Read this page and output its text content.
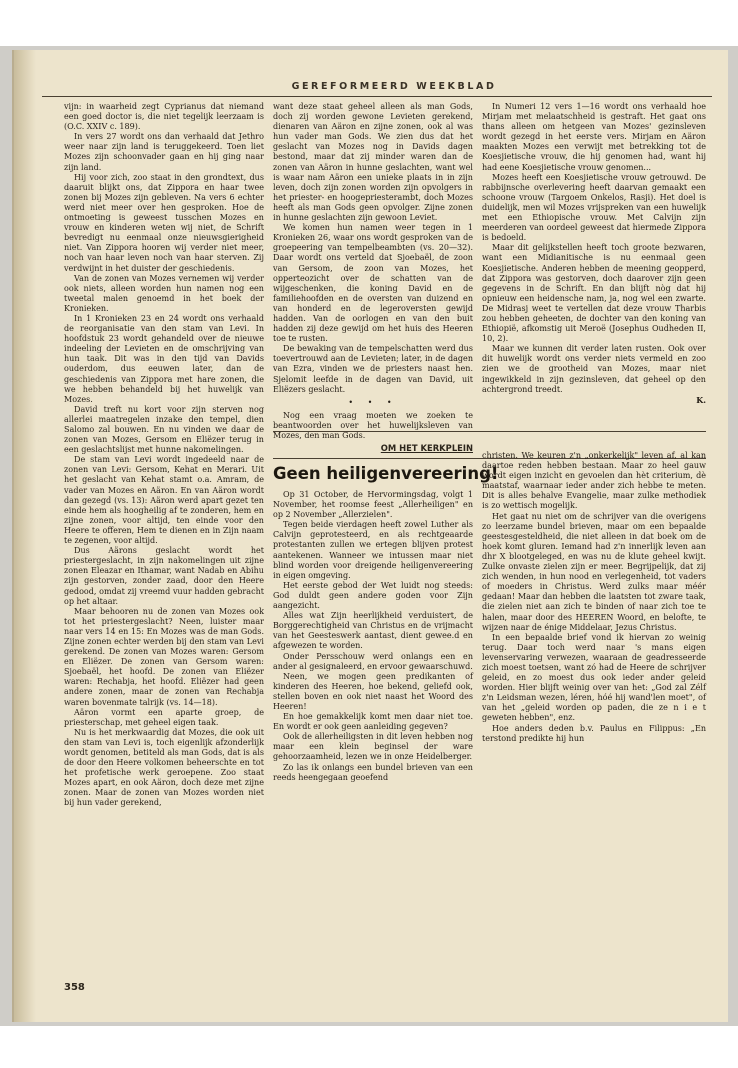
GEREFORMEERD WEEKBLAD

vijn: in waarheid zegt Cyprianus dat niemand een goed doctor is, die niet tegelijk leerzaam is (O.C. XXIV c. 189).

In vers 27 wordt ons dan verhaald dat Jethro weer naar zijn land is teruggekeerd. Toen liet Mozes zijn schoonvader gaan en hij ging naar zijn land.

Hij voor zich, zoo staat in den grondtext, dus daaruit blijkt ons, dat Zippora en haar twee zonen bij Mozes zijn gebleven. Na vers 6 echter werd niet meer over hen gesproken. Hoe de ontmoeting is geweest tusschen Mozes en vrouw en kinderen weten wij niet, de Schrift bevredigt nu eenmaal onze nieuwsgierigheid niet. Van Zippora hooren wij verder niet meer, noch van haar leven noch van haar sterven. Zij verdwijnt in het duister der geschiedenis.

Van de zonen van Mozes vernemen wij verder ook niets, alleen worden hun namen nog een tweetal malen genoemd in het boek der Kronieken.

In 1 Kronieken 23 en 24 wordt ons verhaald de reorganisatie van den stam van Levi. In hoofdstuk 23 wordt gehandeld over de nieuwe indeeling der Levieten en de omschrijving van hun taak. Dit was in den tijd van Davids ouderdom, dus eeuwen later, dan de geschiedenis van Zippora met hare zonen, die we hebben behandeld bij het huwelijk van Mozes.

David treft nu kort voor zijn sterven nog allerlei maatregelen inzake den tempel, dien Salomo zal bouwen. En nu vinden we daar de zonen van Mozes, Gersom en Eliëzer terug in een geslachtslijst met hunne nakomelingen.

De stam van Levi wordt ingedeeld naar de zonen van Levi: Gersom, Kehat en Merari. Uit het geslacht van Kehat stamt o.a. Amram, de vader van Mozes en Aäron. En van Aäron wordt dan gezegd (vs. 13): Aäron werd apart gezet ten einde hem als hoogheilig af te zonderen, hem en zijne zonen, voor altijd, ten einde voor den Heere te offeren, Hem te dienen en in Zijn naam te zegenen, voor altijd.

Dus Aärons geslacht wordt het priestergeslacht, in zijn nakomelingen uit zijne zonen Eleazar en Ithamar, want Nadab en Abihu zijn gestorven, zonder zaad, door den Heere gedood, omdat zij vreemd vuur hadden gebracht op het altaar.

Maar behooren nu de zonen van Mozes ook tot het priestergeslacht? Neen, luister maar naar vers 14 en 15: En Mozes was de man Gods. Zijne zonen echter werden bij den stam van Levi gerekend. De zonen van Mozes waren: Gersom en Eliëzer. De zonen van Gersom waren: Sjoebaël, het hoofd. De zonen van Eliëzer waren: Rechabja, het hoofd. Eliëzer had geen andere zonen, maar de zonen van Rechabja waren bovenmate talrijk (vs. 14—18).

Aäron vormt een aparte groep, de priesterschap, met geheel eigen taak.

Nu is het merkwaardig dat Mozes, die ook uit den stam van Levi is, toch eigenlijk afzonderlijk wordt genomen, betiteld als man Gods, dat is als de door den Heere volkomen beheerschte en tot het profetische werk geroepene. Zoo staat Mozes apart, en ook Aäron, doch deze met zijne zonen. Maar de zonen van Mozes worden niet bij hun vader gerekend,

want deze staat geheel alleen als man Gods, doch zij worden gewone Levieten gerekend, dienaren van Aäron en zijne zonen, ook al was hun vader man Gods. We zien dus dat het geslacht van Mozes nog in Davids dagen bestond, maar dat zij minder waren dan de zonen van Aäron in hunne geslachten, want wel is waar nam Aäron een unieke plaats in in zijn leven, doch zijn zonen worden zijn opvolgers in het priester- en hoogepriesterambt, doch Mozes heeft als man Gods geen opvolger. Zijne zonen in hunne geslachten zijn gewoon Leviet.

We komen hun namen weer tegen in 1 Kronieken 26, waar ons wordt gesproken van de groepeering van tempelbeambten (vs. 20—32). Daar wordt ons verteld dat Sjoebaël, de zoon van Gersom, de zoon van Mozes, het opperteozicht over de schatten van de wijgeschenken, die koning David en de familiehoofden en de oversten van duizend en van honderd en de legeroversten gewijd hadden. Van de oorlogen en van den buit hadden zij deze gewijd om het huis des Heeren toe te rusten.

De bewaking van de tempelschatten werd dus toevertrouwd aan de Levieten; later, in de dagen van Ezra, vinden we de priesters naast hen. Sjelomit leefde in de dagen van David, uit Eliëzers geslacht.

• • •

Nog een vraag moeten we zoeken te beantwoorden over het huwelijksleven van Mozes, den man Gods.

In Numeri 12 vers 1—16 wordt ons verhaald hoe Mirjam met melaatschheid is gestraft. Het gaat ons thans alleen om hetgeen van Mozes' gezinsleven wordt gezegd in het eerste vers. Mirjam en Aäron maakten Mozes een verwijt met betrekking tot de Koesjietische vrouw, die hij genomen had, want hij had eene Koesjietische vrouw genomen...

Mozes heeft een Koesjietische vrouw getrouwd. De rabbijnsche overlevering heeft daarvan gemaakt een schoone vrouw (Targoem Onkelos, Rasji). Het doel is duidelijk, men wil Mozes vrijspreken van een huwelijk met een Ethiopische vrouw. Met Calvijn zijn meerderen van oordeel geweest dat hiermede Zippora is bedoeld.

Maar dit gelijkstellen heeft toch groote bezwaren, want een Midianitische is nu eenmaal geen Koesjietische. Anderen hebben de meening geopperd, dat Zippora was gestorven, doch daarover zijn geen gegevens in de Schrift. En dan blijft nòg dat hij opnieuw een heidensche nam, ja, nog wel een zwarte. De Midrasj weet te vertellen dat deze vrouw Tharbis zou hebben geheeten, de dochter van den koning van Ethiopië, afkomstig uit Meroë (Josephus Oudheden II, 10, 2).

Maar we kunnen dit verder laten rusten. Ook over dit huwelijk wordt ons verder niets vermeld en zoo zien we de grootheid van Mozes, maar niet ingewikkeld in zijn gezinsleven, dat geheel op den achtergrond treedt.

K.

OM HET KERKPLEIN
Geen heiligenvereering!

Op 31 October, de Hervormingsdag, volgt 1 November, het roomse feest „Allerheiligen" en op 2 November „Allerzielen".

Tegen beide vierdagen heeft zowel Luther als Calvijn geprotesteerd, en als rechtgeaarde protestanten zullen we ertegen blijven protest aantekenen. Wanneer we intussen maar niet blind worden voor dreigende heiligenvereering in eigen omgeving.

Het eerste gebod der Wet luidt nog steeds: God duldt geen andere goden voor Zijn aangezicht.

Alles wat Zijn heerlijkheid verduistert, de Borggerechtigheid van Christus en de vrijmacht van het Geesteswerk aantast, dient gewee.d en afgewezen te worden.

Onder Persschouw werd onlangs een en ander al gesignaleerd, en ervoor gewaarschuwd.

Neen, we mogen geen predikanten of kinderen des Heeren, hoe bekend, geliefd ook, stellen boven en ook niet naast het Woord des Heeren!

En hoe gemakkelijk komt men daar niet toe. En wordt er ook geen aanleiding gegeven?

Ook de allerheiligsten in dit leven hebben nog maar een klein beginsel der ware gehoorzaamheid, lezen we in onze Heidelberger.

Zo las ik onlangs een bundel brieven van een reeds heengegaan geoefend

christen. We keuren z'n „onkerkelijk" leven af, al kan daartoe reden hebben bestaan. Maar zo heel gauw wordt eigen inzicht en gevoelen dan hèt criterium, dè maatstaf, waarnaar ieder ander zich hebbe te meten. Dit is alles behalve Evangelie, maar zulke methodiek is zo wettisch mogelijk.

Het gaat nu niet om de schrijver van die overigens zo leerzame bundel brieven, maar om een bepaalde geestesgesteldheid, die niet alleen in dat boek om de hoek komt gluren. Iemand had z'n innerlijk leven aan dhr X blootgeleged, en was nu de klute geheel kwijt. Zulke onvaste zielen zijn er meer. Begrijpelijk, dat zij zich wenden, in hun nood en verlegenheid, tot vaders of moeders in Christus. Werd zulks maar méér gedaan! Maar dan hebben die laatsten tot zware taak, die zielen niet aan zich te binden of naar zich toe te halen, maar door des HEEREN Woord, en belofte, te wijzen naar de énige Middelaar, Jezus Christus.

In een bepaalde brief vond ik hiervan zo weinig terug. Daar toch werd naar 's mans eigen levenservaring verwezen, waaraan de geadresseerde zich moest toetsen, want zó had de Heere de schrijver geleid, en zo moest dus ook ieder ander geleid worden. Hier blijft weinig over van het: „God zal Zélf z'n Leidsman wezen, léren, hóé hij wand'len moet", of van het „geleid worden op paden, die ze n i e t geweten hebben", enz.

Hoe anders deden b.v. Paulus en Filippus: „En terstond predikte hij hun

358
